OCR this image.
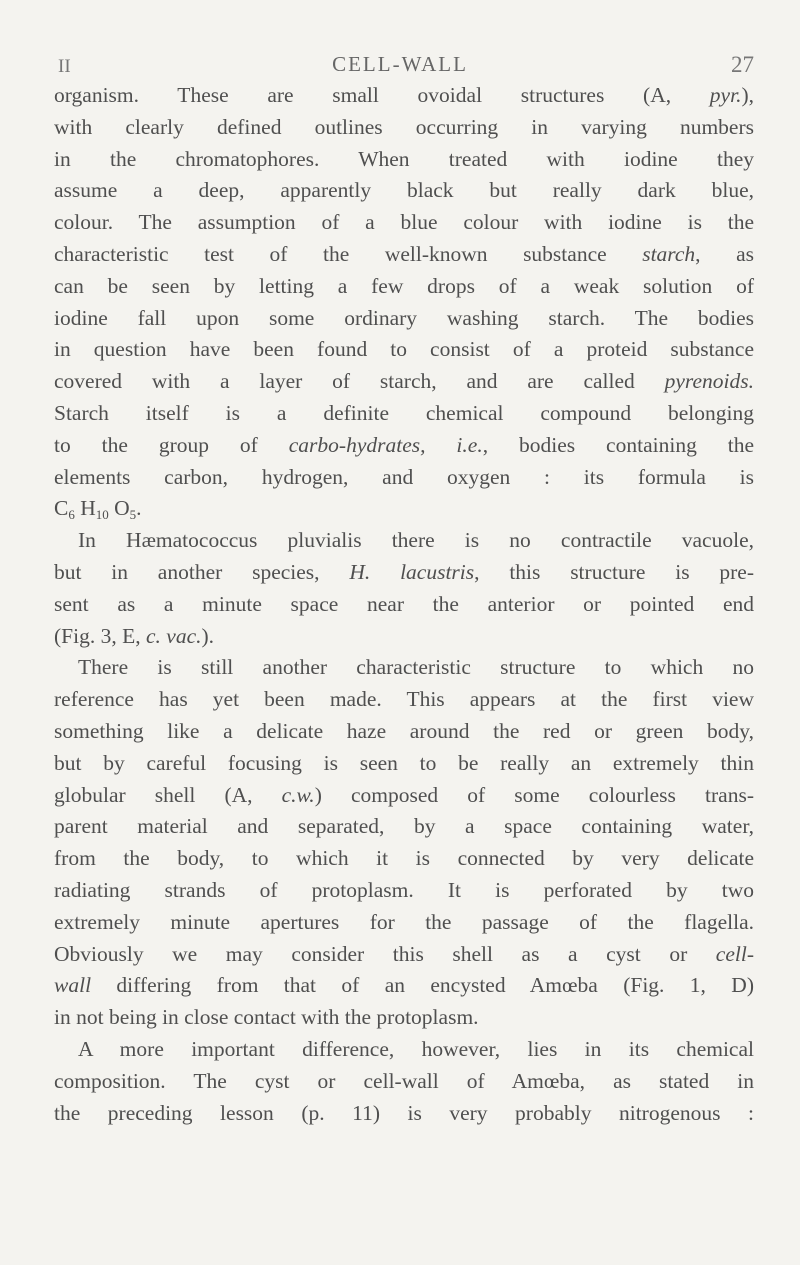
II	CELL-WALL	27
organism. These are small ovoidal structures (A, pyr.),
with clearly defined outlines occurring in varying numbers
in the chromatophores. When treated with iodine they
assume a deep, apparently black but really dark blue,
colour. The assumption of a blue colour with iodine is the
characteristic test of the well-known substance starch, as
can be seen by letting a few drops of a weak solution of
iodine fall upon some ordinary washing starch. The bodies
in question have been found to consist of a proteid substance
covered with a layer of starch, and are called pyrenoids.
Starch itself is a definite chemical compound belonging
to the group of carbo-hydrates, i.e., bodies containing the
elements carbon, hydrogen, and oxygen : its formula is
$C_6$ $H_{10}$ $O_5$.
In Hæmatococcus pluvialis there is no contractile vacuole,
but in another species, H. lacustris, this structure is pre-
sent as a minute space near the anterior or pointed end
(Fig. 3, E, c. vac.).
There is still another characteristic structure to which no
reference has yet been made. This appears at the first view
something like a delicate haze around the red or green body,
but by careful focusing is seen to be really an extremely thin
globular shell (A, c.w.) composed of some colourless trans-
parent material and separated, by a space containing water,
from the body, to which it is connected by very delicate
radiating strands of protoplasm. It is perforated by two
extremely minute apertures for the passage of the flagella.
Obviously we may consider this shell as a cyst or cell-
wall differing from that of an encysted Amœba (Fig. 1, D)
in not being in close contact with the protoplasm.
A more important difference, however, lies in its chemical
composition. The cyst or cell-wall of Amœba, as stated in
the preceding lesson (p. 11) is very probably nitrogenous :
